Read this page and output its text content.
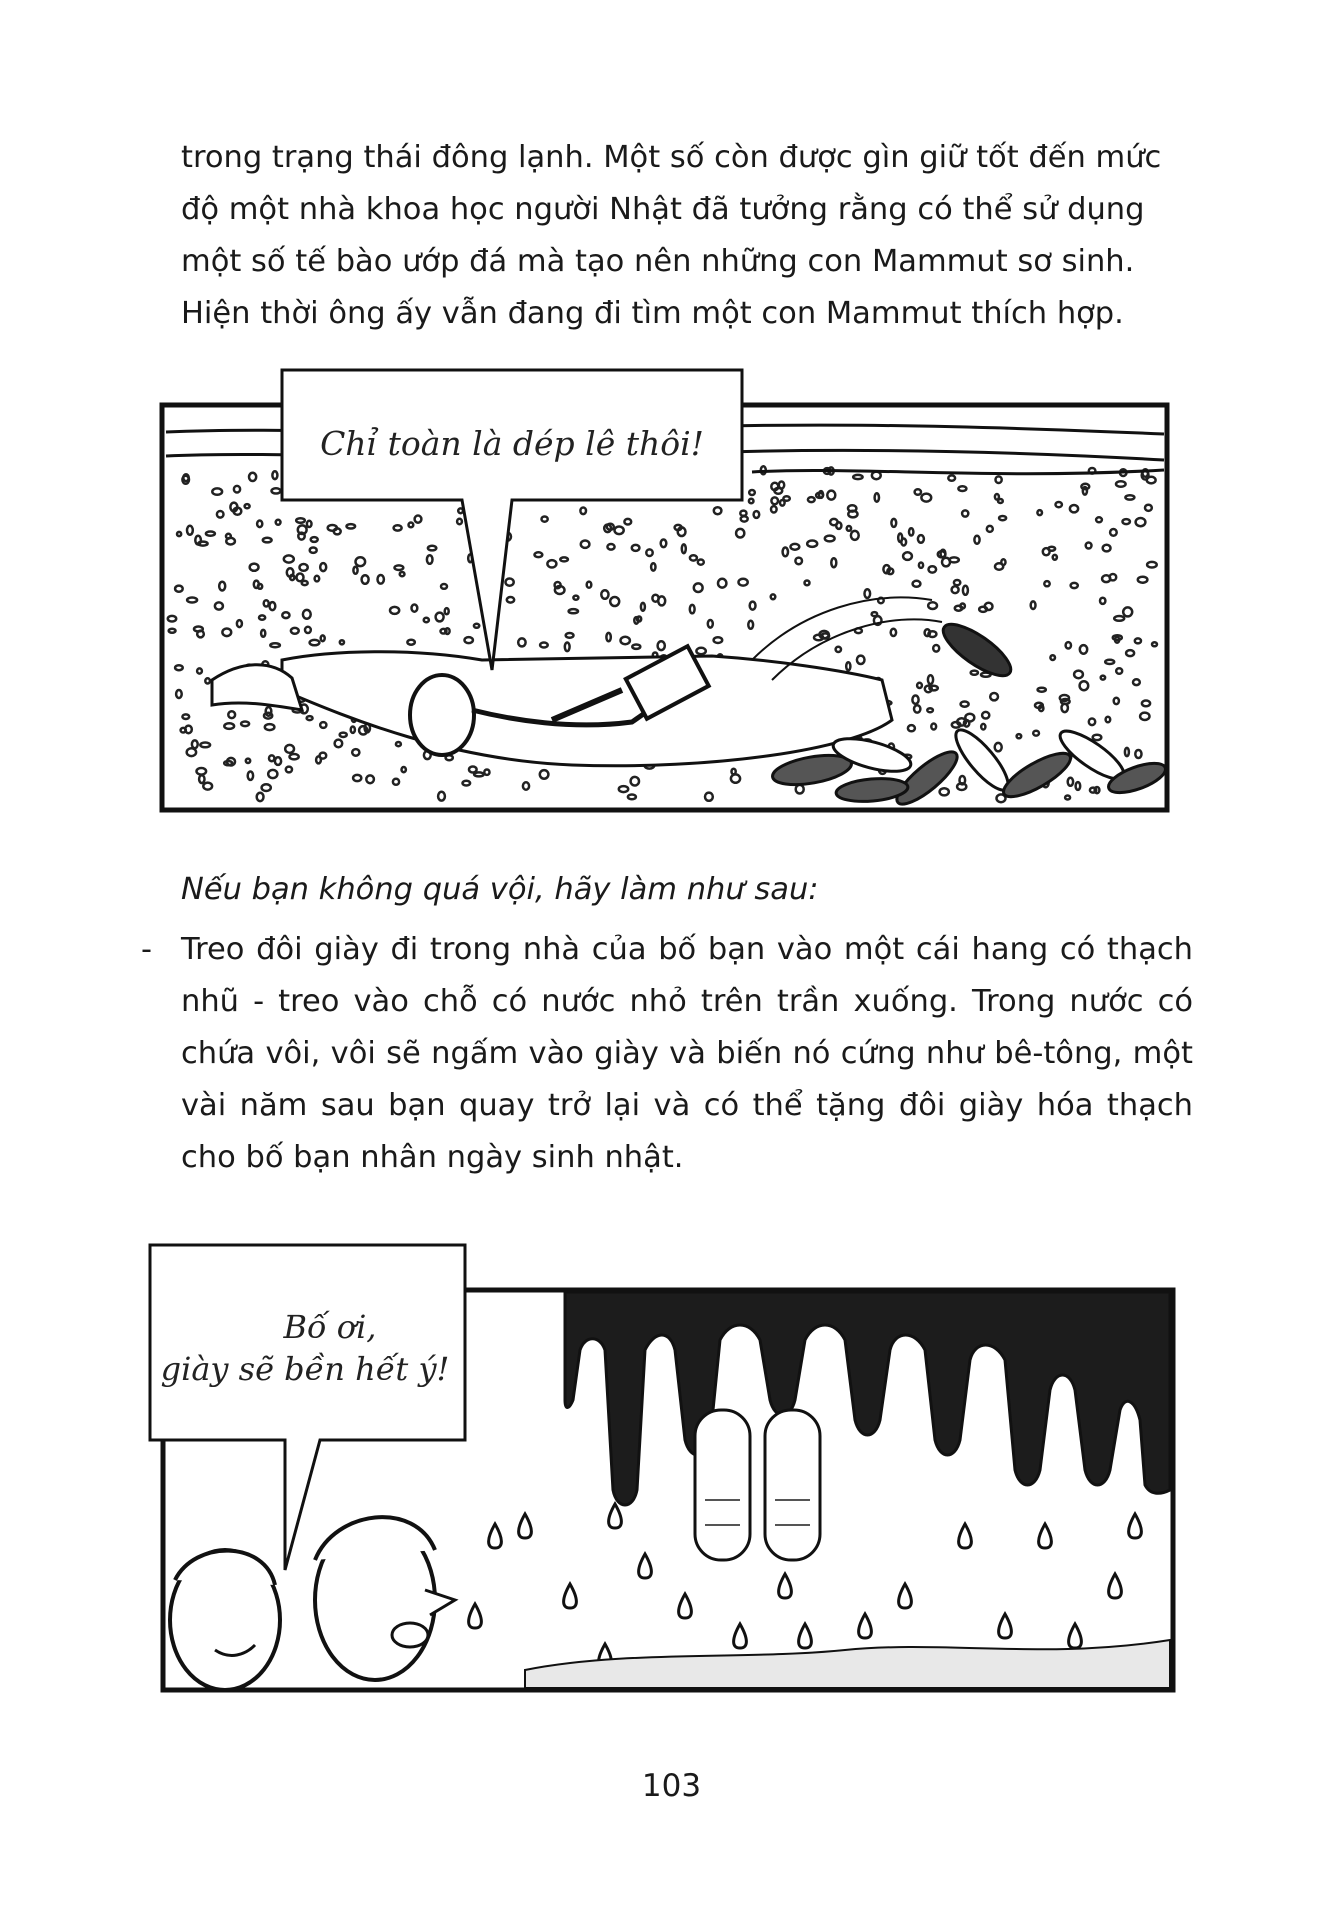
trong trạng thái đông lạnh. Một số còn được gìn giữ tốt đến mức
độ một nhà khoa học người Nhật đã tưởng rằng có thể sử dụng
một số tế bào ướp đá mà tạo nên những con Mammut sơ sinh.
Hiện thời ông ấy vẫn đang đi tìm một con Mammut thích hợp.
Chỉ toàn là dép lê thôi!

Nếu bạn không quá vội, hãy làm như sau:

- Treo đôi giày đi trong nhà của bố bạn vào một cái hang có thạch nhũ - treo vào chỗ có nước nhỏ trên trần xuống. Trong nước có chứa vôi, vôi sẽ ngấm vào giày và biến nó cứng như bê-tông, một vài năm sau bạn quay trở lại và có thể tặng đôi giày hóa thạch cho bố bạn nhân ngày sinh nhật.
Bố ơi,
giày sẽ bền hết ý!
103
